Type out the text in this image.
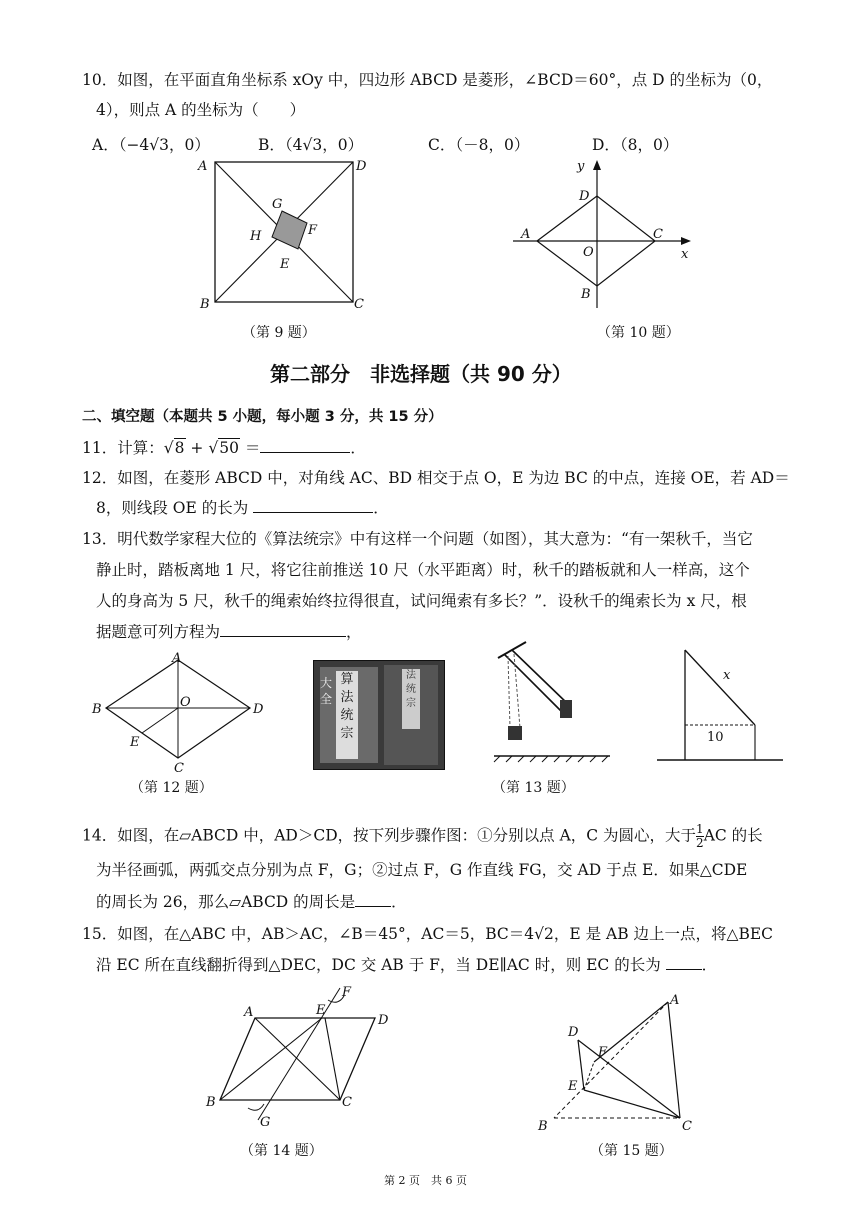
10．如图，在平面直角坐标系 xOy 中，四边形 ABCD 是菱形，∠BCD＝60°，点 D 的坐标为（0，
4），则点 A 的坐标为（　　）
A．（−4√3，0）	B．（4√3，0）	C．（－8，0）	D．（8，0）
A	D
B	C
G
H	F
E
（第 9 题）
y
D
A
O
C
x
B
（第 10 题）
第二部分　非选择题（共 90 分）
二、填空题（本题共 5 小题，每小题 3 分，共 15 分）
11．计算：√8 + √50 ＝	．
12．如图，在菱形 ABCD 中，对角线 AC、BD 相交于点 O，E 为边 BC 的中点，连接 OE，若 AD＝
8，则线段 OE 的长为	．
13．明代数学家程大位的《算法统宗》中有这样一个问题（如图），其大意为：“有一架秋千，当它
静止时，踏板离地 1 尺，将它往前推送 10 尺（水平距离）时，秋千的踏板就和人一样高，这个
人的身高为 5 尺，秋千的绳索始终拉得很直，试问绳索有多长？”．设秋千的绳索长为 x 尺，根
据题意可列方程为	，
A
B	O	D
E
C
（第 12 题）
算
法
统
宗
大
全
法
统
宗
x
10
（第 13 题）
14．如图，在▱ABCD 中，AD＞CD，按下列步骤作图：①分别以点 A，C 为圆心，大于 $\frac{1}{2}$ AC 的长
为半径画弧，两弧交点分别为点 F，G；②过点 F，G 作直线 FG，交 AD 于点 E．如果△CDE
的周长为 26，那么▱ABCD 的周长是 ．
15．如图，在△ABC 中，AB＞AC，∠B＝45°，AC＝5，BC＝4√2，E 是 AB 边上一点，将△BEC
沿 EC 所在直线翻折得到△DEC，DC 交 AB 于 F，当 DE∥AC 时，则 EC 的长为	．
F
A	E
D
B
G
C
（第 14 题）
A
D
F
E
B	C
（第 15 题）
第 2 页　共 6 页
